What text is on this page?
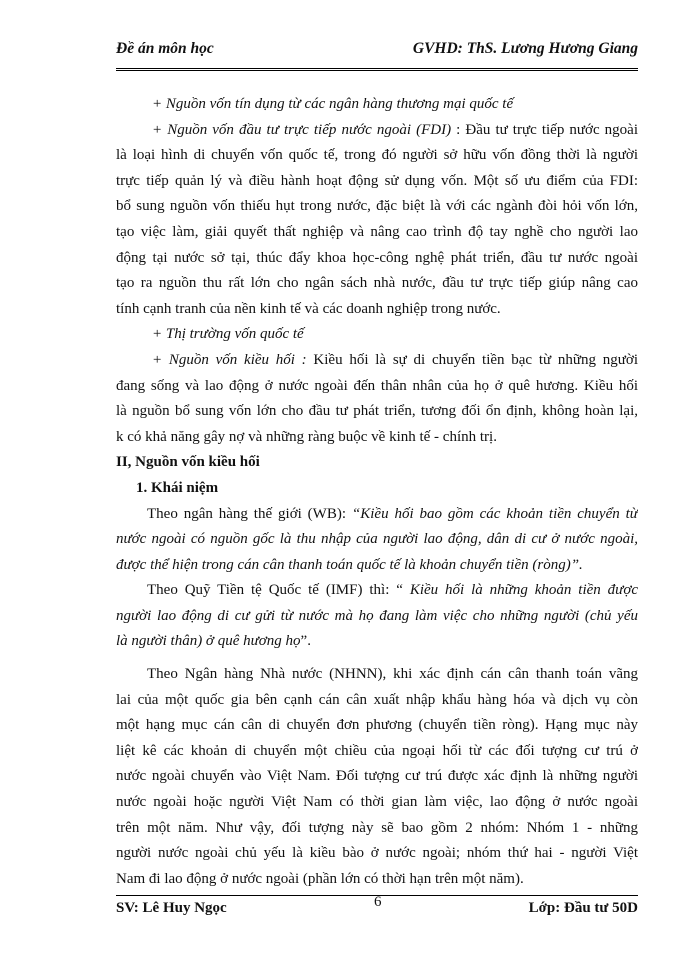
Đề án môn học	GVHD: ThS. Lương Hương Giang
+ Nguồn vốn tín dụng từ các ngân hàng thương mại quốc tế
+ Nguồn vốn đầu tư trực tiếp nước ngoài (FDI) : Đầu tư trực tiếp nước ngoài
là loại hình di chuyển vốn quốc tế, trong đó người sở hữu vốn đồng thời là người
trực tiếp quản lý và điều hành hoạt động sử dụng vốn. Một số ưu điểm của FDI:
bổ sung nguồn vốn thiếu hụt trong nước, đặc biệt là với các ngành đòi hỏi vốn lớn,
tạo việc làm, giải quyết thất nghiệp và nâng cao trình độ tay nghề cho người lao
động tại nước sở tại, thúc đẩy khoa học-công nghệ phát triển, đầu tư nước ngoài
tạo ra nguồn thu rất lớn cho ngân sách nhà nước, đầu tư trực tiếp giúp nâng cao
tính cạnh tranh của nền kinh tế và các doanh nghiệp trong nước.
+ Thị trường vốn quốc tế
+ Nguồn vốn kiều hối : Kiều hối là sự di chuyển tiền bạc từ những người
đang sống và lao động ở nước ngoài đến thân nhân của họ ở quê hương. Kiều hối
là nguồn bổ sung vốn lớn cho đầu tư phát triển, tương đối ổn định, không hoàn lại,
k có khả năng gây nợ và những ràng buộc về kinh tế - chính trị.
II, Nguồn vốn kiều hối
1. Khái niệm
Theo ngân hàng thế giới (WB): “Kiều hối bao gồm các khoản tiền chuyển từ
nước ngoài có nguồn gốc là thu nhập của người lao động, dân di cư ở nước ngoài,
được thể hiện trong cán cân thanh toán quốc tế là khoản chuyển tiền (ròng)”.
Theo Quỹ Tiền tệ Quốc tế (IMF) thì: “ Kiều hối là những khoản tiền được
người lao động di cư gửi từ nước mà họ đang làm việc cho những người (chủ yếu
là người thân) ở quê hương họ”.
Theo Ngân hàng Nhà nước (NHNN), khi xác định cán cân thanh toán vãng
lai của một quốc gia bên cạnh cán cân xuất nhập khẩu hàng hóa và dịch vụ còn
một hạng mục cán cân di chuyển đơn phương (chuyển tiền ròng). Hạng mục này
liệt kê các khoản di chuyển một chiều của ngoại hối từ các đối tượng cư trú ở
nước ngoài chuyển vào Việt Nam. Đối tượng cư trú được xác định là những người
nước ngoài hoặc người Việt Nam có thời gian làm việc, lao động ở nước ngoài
trên một năm. Như vậy, đối tượng này sẽ bao gồm 2 nhóm: Nhóm 1 - những
người nước ngoài chủ yếu là kiều bào ở nước ngoài; nhóm thứ hai - người Việt
Nam đi lao động ở nước ngoài (phần lớn có thời hạn trên một năm).
SV: Lê Huy Ngọc	6	Lớp: Đầu tư 50D
